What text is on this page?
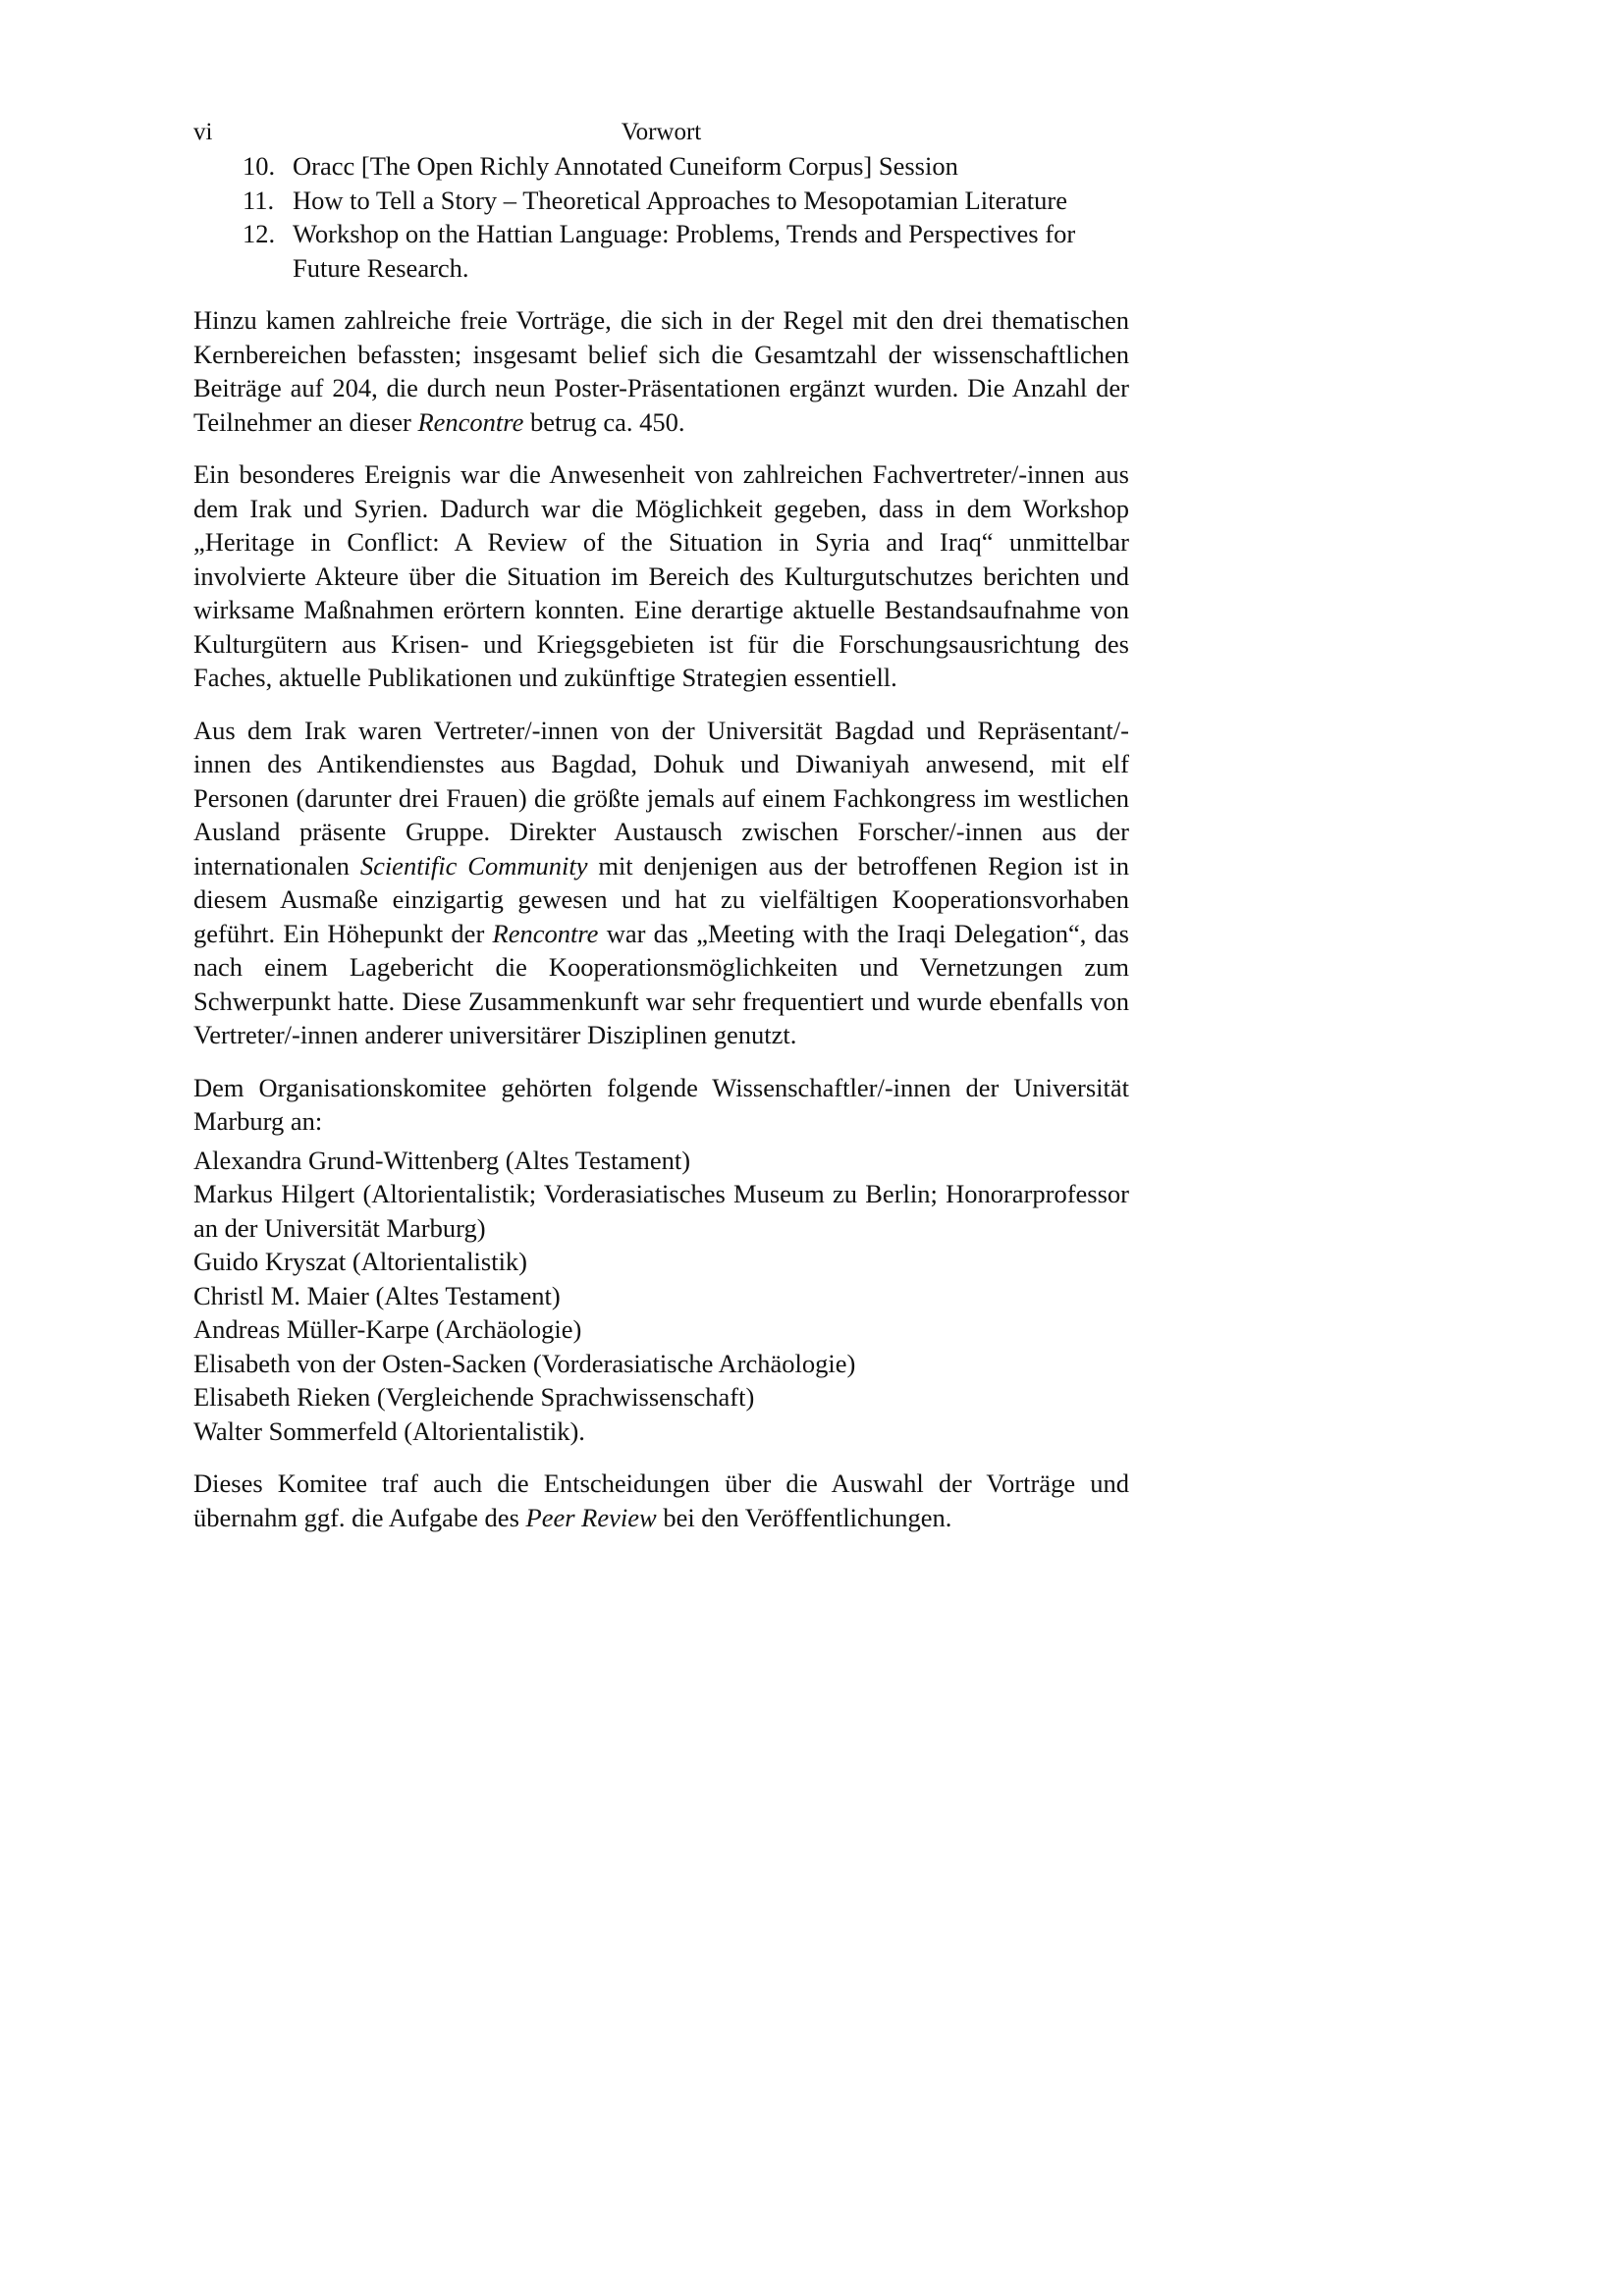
vi	Vorwort
10. Oracc [The Open Richly Annotated Cuneiform Corpus] Session
11. How to Tell a Story – Theoretical Approaches to Mesopotamian Literature
12. Workshop on the Hattian Language: Problems, Trends and Perspectives for Future Research.

Hinzu kamen zahlreiche freie Vorträge, die sich in der Regel mit den drei thematischen Kernbereichen befassten; insgesamt belief sich die Gesamtzahl der wissenschaftlichen Beiträge auf 204, die durch neun Poster-Präsentationen ergänzt wurden. Die Anzahl der Teilnehmer an dieser Rencontre betrug ca. 450.

Ein besonderes Ereignis war die Anwesenheit von zahlreichen Fachvertreter/-innen aus dem Irak und Syrien. Dadurch war die Möglichkeit gegeben, dass in dem Workshop „Heritage in Conflict: A Review of the Situation in Syria and Iraq“ unmittelbar involvierte Akteure über die Situation im Bereich des Kulturgutschutzes berichten und wirksame Maßnahmen erörtern konnten. Eine derartige aktuelle Bestandsaufnahme von Kulturgütern aus Krisen- und Kriegsgebieten ist für die Forschungsausrichtung des Faches, aktuelle Publikationen und zukünftige Strategien essentiell.

Aus dem Irak waren Vertreter/-innen von der Universität Bagdad und Repräsentant/-innen des Antikendienstes aus Bagdad, Dohuk und Diwaniyah anwesend, mit elf Personen (darunter drei Frauen) die größte jemals auf einem Fachkongress im westlichen Ausland präsente Gruppe. Direkter Austausch zwischen Forscher/-innen aus der internationalen Scientific Community mit denjenigen aus der betroffenen Region ist in diesem Ausmaße einzigartig gewesen und hat zu vielfältigen Kooperationsvorhaben geführt. Ein Höhepunkt der Rencontre war das „Meeting with the Iraqi Delegation“, das nach einem Lagebericht die Kooperationsmöglichkeiten und Vernetzungen zum Schwerpunkt hatte. Diese Zusammenkunft war sehr frequentiert und wurde ebenfalls von Vertreter/-innen anderer universitärer Disziplinen genutzt.

Dem Organisationskomitee gehörten folgende Wissenschaftler/-innen der Universität Marburg an:

Alexandra Grund-Wittenberg (Altes Testament)
Markus Hilgert (Altorientalistik; Vorderasiatisches Museum zu Berlin; Honorarprofessor an der Universität Marburg)
Guido Kryszat (Altorientalistik)
Christl M. Maier (Altes Testament)
Andreas Müller-Karpe (Archäologie)
Elisabeth von der Osten-Sacken (Vorderasiatische Archäologie)
Elisabeth Rieken (Vergleichende Sprachwissenschaft)
Walter Sommerfeld (Altorientalistik).

Dieses Komitee traf auch die Entscheidungen über die Auswahl der Vorträge und übernahm ggf. die Aufgabe des Peer Review bei den Veröffentlichungen.
